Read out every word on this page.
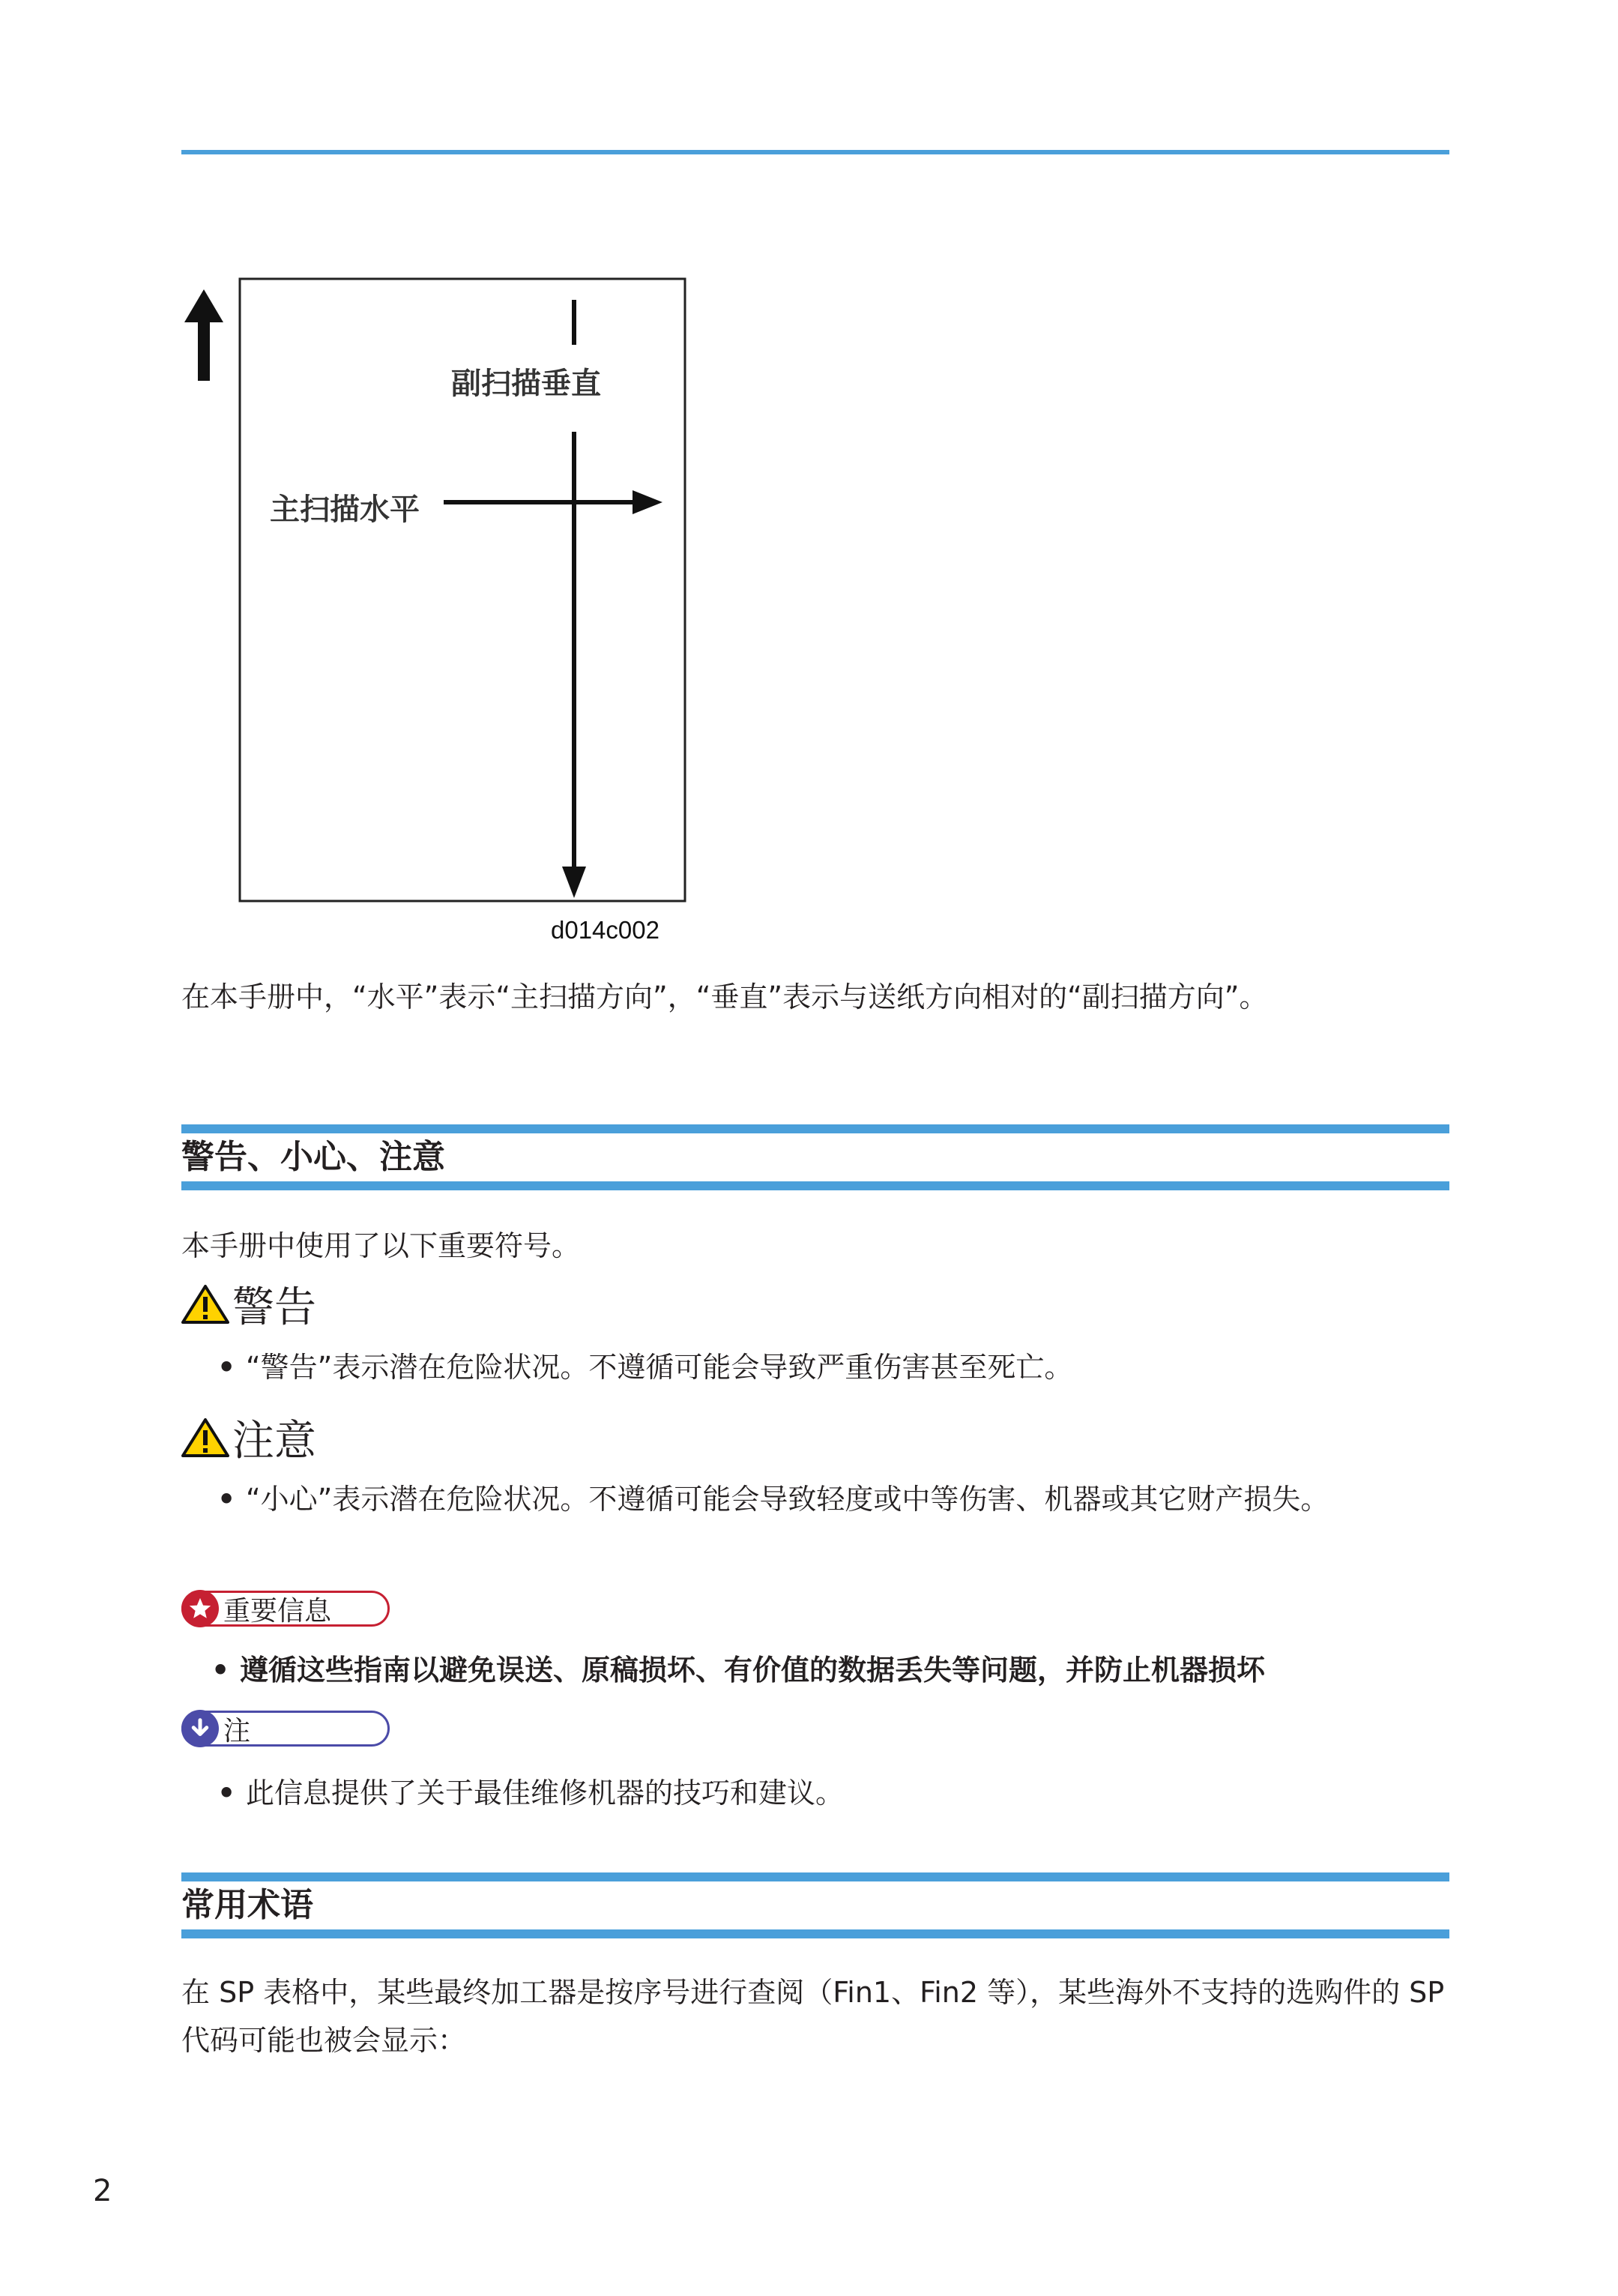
副扫描垂直
主扫描水平
d014c002
在本手册中，“水平”表示“主扫描方向”，“垂直”表示与送纸方向相对的“副扫描方向”。
警告、小心、注意
本手册中使用了以下重要符号。
警告
• “警告”表示潜在危险状况。不遵循可能会导致严重伤害甚至死亡。
注意
• “小心”表示潜在危险状况。不遵循可能会导致轻度或中等伤害、机器或其它财产损失。
重要信息
• 遵循这些指南以避免误送、原稿损坏、有价值的数据丢失等问题，并防止机器损坏
注
• 此信息提供了关于最佳维修机器的技巧和建议。
常用术语
在 SP 表格中，某些最终加工器是按序号进行查阅（Fin1、Fin2 等），某些海外不支持的选购件的 SP 代码可能也被会显示：
2
